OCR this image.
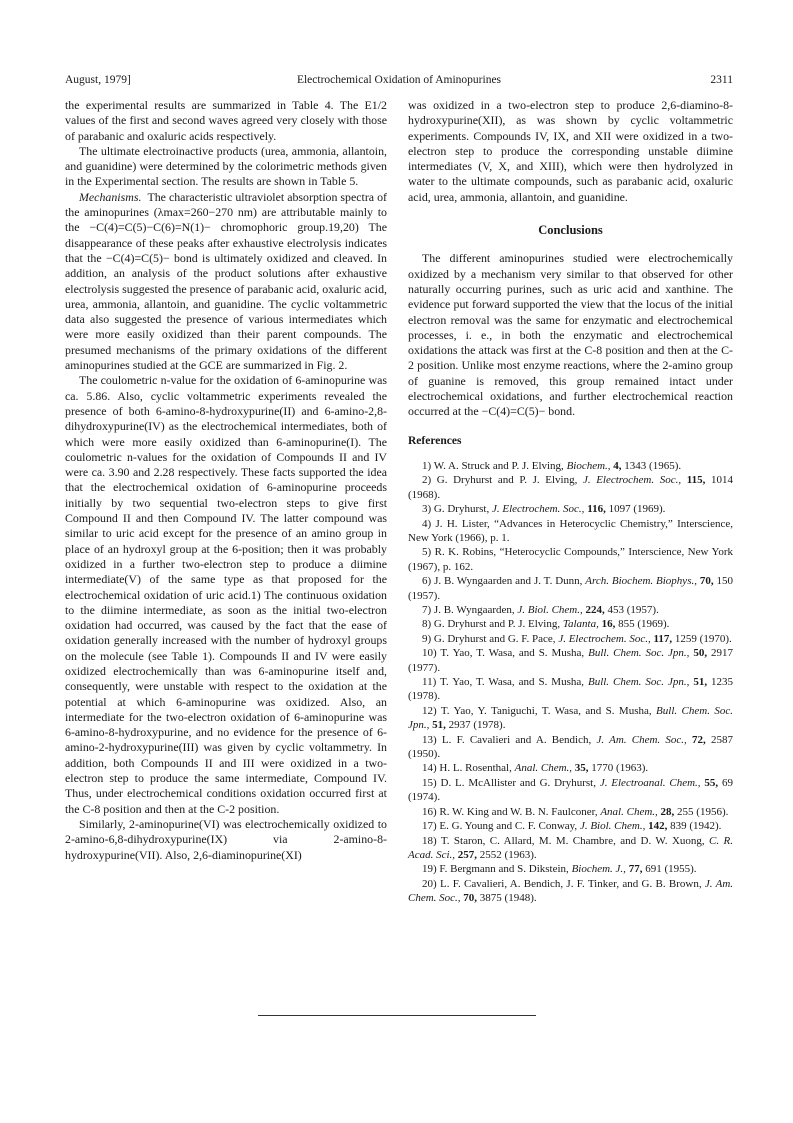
August, 1979]	Electrochemical Oxidation of Aminopurines	2311

the experimental results are summarized in Table 4. The E1/2 values of the first and second waves agreed very closely with those of parabanic and oxaluric acids respectively.

The ultimate electroinactive products (urea, ammonia, allantoin, and guanidine) were determined by the colorimetric methods given in the Experimental section. The results are shown in Table 5.

Mechanisms. The characteristic ultraviolet absorption spectra of the aminopurines (λmax=260−270 nm) are attributable mainly to the −C(4)=C(5)−C(6)=N(1)− chromophoric group.19,20) The disappearance of these peaks after exhaustive electrolysis indicates that the −C(4)=C(5)− bond is ultimately oxidized and cleaved. In addition, an analysis of the product solutions after exhaustive electrolysis suggested the presence of parabanic acid, oxaluric acid, urea, ammonia, allantoin, and guanidine. The cyclic voltammetric data also suggested the presence of various intermediates which were more easily oxidized than their parent compounds. The presumed mechanisms of the primary oxidations of the different aminopurines studied at the GCE are summarized in Fig. 2.

The coulometric n-value for the oxidation of 6-aminopurine was ca. 5.86. Also, cyclic voltammetric experiments revealed the presence of both 6-amino-8-hydroxypurine(II) and 6-amino-2,8-dihydroxypurine(IV) as the electrochemical intermediates, both of which were more easily oxidized than 6-aminopurine(I). The coulometric n-values for the oxidation of Compounds II and IV were ca. 3.90 and 2.28 respectively. These facts supported the idea that the electrochemical oxidation of 6-aminopurine proceeds initially by two sequential two-electron steps to give first Compound II and then Compound IV. The latter compound was similar to uric acid except for the presence of an amino group in place of an hydroxyl group at the 6-position; then it was probably oxidized in a further two-electron step to produce a diimine intermediate(V) of the same type as that proposed for the electrochemical oxidation of uric acid.1) The continuous oxidation to the diimine intermediate, as soon as the initial two-electron oxidation had occurred, was caused by the fact that the ease of oxidation generally increased with the number of hydroxyl groups on the molecule (see Table 1). Compounds II and IV were easily oxidized electrochemically than was 6-aminopurine itself and, consequently, were unstable with respect to the oxidation at the potential at which 6-aminopurine was oxidized. Also, an intermediate for the two-electron oxidation of 6-aminopurine was 6-amino-8-hydroxypurine, and no evidence for the presence of 6-amino-2-hydroxypurine(III) was given by cyclic voltammetry. In addition, both Compounds II and III were oxidized in a two-electron step to produce the same intermediate, Compound IV. Thus, under electrochemical conditions oxidation occurred first at the C-8 position and then at the C-2 position.

Similarly, 2-aminopurine(VI) was electrochemically oxidized to 2-amino-6,8-dihydroxypurine(IX) via 2-amino-8-hydroxypurine(VII). Also, 2,6-diaminopurine(XI)

was oxidized in a two-electron step to produce 2,6-diamino-8-hydroxypurine(XII), as was shown by cyclic voltammetric experiments. Compounds IV, IX, and XII were oxidized in a two-electron step to produce the corresponding unstable diimine intermediates (V, X, and XIII), which were then hydrolyzed in water to the ultimate compounds, such as parabanic acid, oxaluric acid, urea, ammonia, allantoin, and guanidine.

Conclusions

The different aminopurines studied were electrochemically oxidized by a mechanism very similar to that observed for other naturally occurring purines, such as uric acid and xanthine. The evidence put forward supported the view that the locus of the initial electron removal was the same for enzymatic and electrochemical processes, i. e., in both the enzymatic and electrochemical oxidations the attack was first at the C-8 position and then at the C-2 position. Unlike most enzyme reactions, where the 2-amino group of guanine is removed, this group remained intact under electrochemical oxidations, and further electrochemical reaction occurred at the −C(4)=C(5)− bond.

References

1) W. A. Struck and P. J. Elving, Biochem., 4, 1343 (1965).

2) G. Dryhurst and P. J. Elving, J. Electrochem. Soc., 115, 1014 (1968).

3) G. Dryhurst, J. Electrochem. Soc., 116, 1097 (1969).

4) J. H. Lister, “Advances in Heterocyclic Chemistry,” Interscience, New York (1966), p. 1.

5) R. K. Robins, “Heterocyclic Compounds,” Interscience, New York (1967), p. 162.

6) J. B. Wyngaarden and J. T. Dunn, Arch. Biochem. Biophys., 70, 150 (1957).

7) J. B. Wyngaarden, J. Biol. Chem., 224, 453 (1957).

8) G. Dryhurst and P. J. Elving, Talanta, 16, 855 (1969).

9) G. Dryhurst and G. F. Pace, J. Electrochem. Soc., 117, 1259 (1970).

10) T. Yao, T. Wasa, and S. Musha, Bull. Chem. Soc. Jpn., 50, 2917 (1977).

11) T. Yao, T. Wasa, and S. Musha, Bull. Chem. Soc. Jpn., 51, 1235 (1978).

12) T. Yao, Y. Taniguchi, T. Wasa, and S. Musha, Bull. Chem. Soc. Jpn., 51, 2937 (1978).

13) L. F. Cavalieri and A. Bendich, J. Am. Chem. Soc., 72, 2587 (1950).

14) H. L. Rosenthal, Anal. Chem., 35, 1770 (1963).

15) D. L. McAllister and G. Dryhurst, J. Electroanal. Chem., 55, 69 (1974).

16) R. W. King and W. B. N. Faulconer, Anal. Chem., 28, 255 (1956).

17) E. G. Young and C. F. Conway, J. Biol. Chem., 142, 839 (1942).

18) T. Staron, C. Allard, M. M. Chambre, and D. W. Xuong, C. R. Acad. Sci., 257, 2552 (1963).

19) F. Bergmann and S. Dikstein, Biochem. J., 77, 691 (1955).

20) L. F. Cavalieri, A. Bendich, J. F. Tinker, and G. B. Brown, J. Am. Chem. Soc., 70, 3875 (1948).
